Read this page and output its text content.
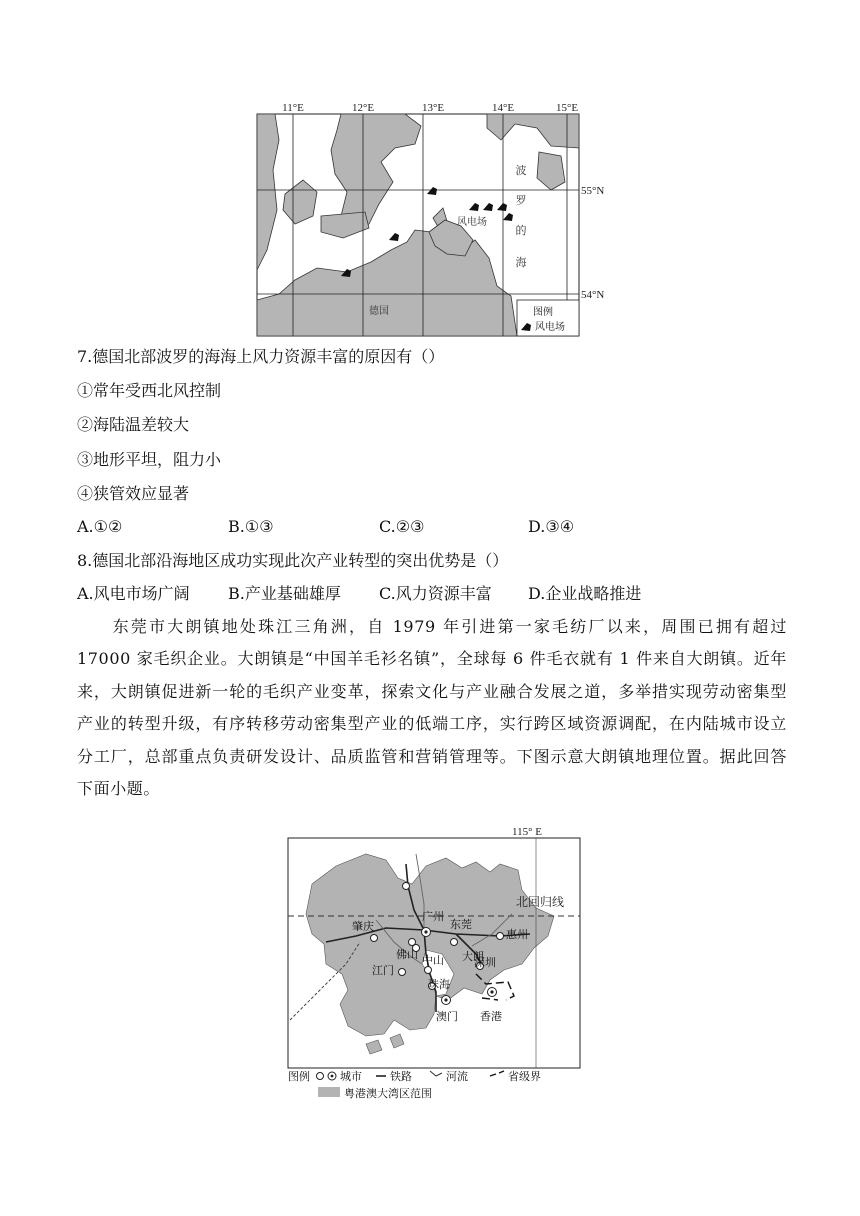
11°E	12°E	13°E	14°E	15°E
55°N
54°N
波
罗
的
海
风电场
德国	图例
风电场
7.德国北部波罗的海海上风力资源丰富的原因有（）
①常年受西北风控制
②海陆温差较大
③地形平坦，阻力小
④狭管效应显著
A.①②	B.①③	C.②③	D.③④
8.德国北部沿海地区成功实现此次产业转型的突出优势是（）
A.风电市场广阔 B.产业基础雄厚 C.风力资源丰富 D.企业战略推进
东莞市大朗镇地处珠江三角洲，自 1979 年引进第一家毛纺厂以来，周围已拥有超过 17000 家毛织企业。大朗镇是“中国羊毛衫名镇”，全球每 6 件毛衣就有 1 件来自大朗镇。近年来，大朗镇促进新一轮的毛织产业变革，探索文化与产业融合发展之道，多举措实现劳动密集型产业的转型升级，有序转移劳动密集型产业的低端工序，实行跨区域资源调配，在内陆城市设立分工厂，总部重点负责研发设计、品质监管和营销管理等。下图示意大朗镇地理位置。据此回答下面小题。
北回归线
115° E
肇庆
广州
东莞
惠州
佛山 中山
江门
大朗
深圳
珠海
澳门 香港
图例	城市	铁路	河流	省级界
粤港澳大湾区范围
